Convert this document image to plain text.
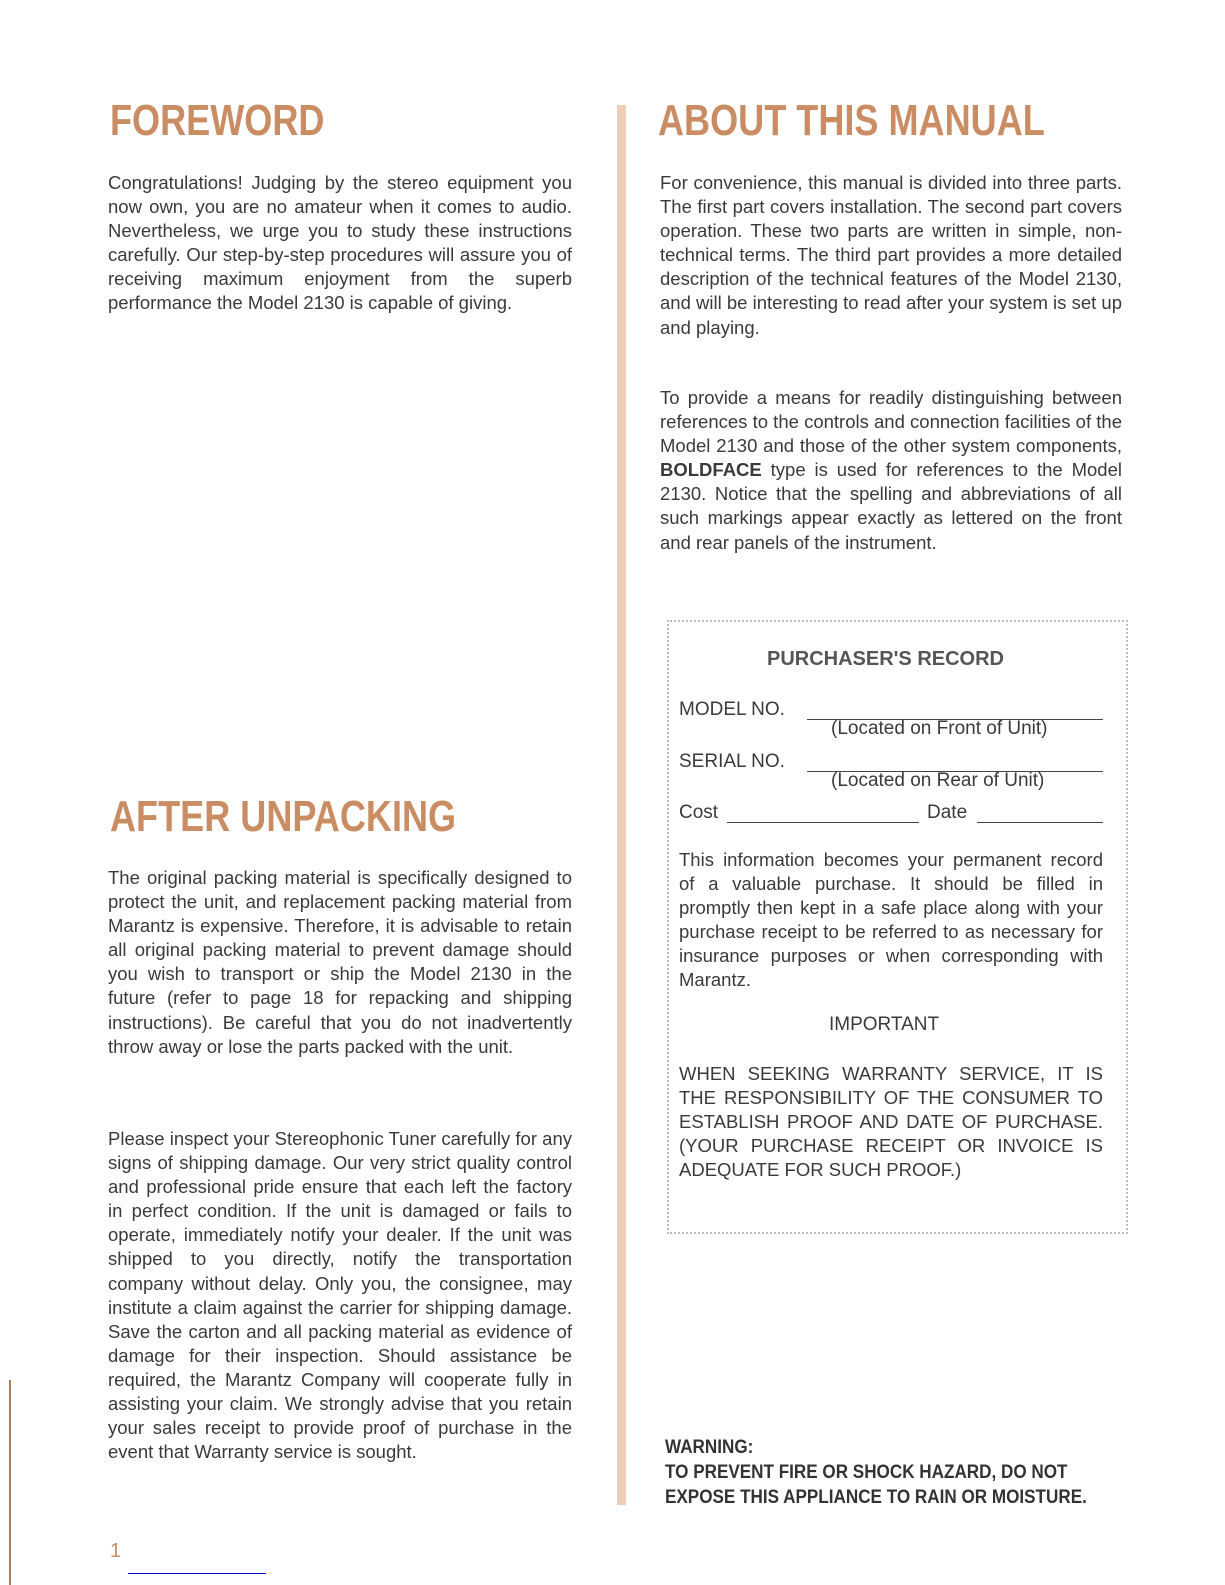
FOREWORD

Congratulations! Judging by the stereo equipment you now own, you are no amateur when it comes to audio. Nevertheless, we urge you to study these instructions carefully. Our step-by-step procedures will assure you of receiving maximum enjoyment from the superb performance the Model 2130 is capable of giving.

AFTER UNPACKING

The original packing material is specifically designed to protect the unit, and replacement packing material from Marantz is expensive. Therefore, it is advisable to retain all original packing material to prevent damage should you wish to transport or ship the Model 2130 in the future (refer to page 18 for repacking and shipping instructions). Be careful that you do not inadvertently throw away or lose the parts packed with the unit.

Please inspect your Stereophonic Tuner carefully for any signs of shipping damage. Our very strict quality control and professional pride ensure that each left the factory in perfect condition. If the unit is damaged or fails to operate, immediately notify your dealer. If the unit was shipped to you directly, notify the transportation company without delay. Only you, the consignee, may institute a claim against the carrier for shipping damage. Save the carton and all packing material as evidence of damage for their inspection. Should assistance be required, the Marantz Company will cooperate fully in assisting your claim. We strongly advise that you retain your sales receipt to provide proof of purchase in the event that Warranty service is sought.

ABOUT THIS MANUAL

For convenience, this manual is divided into three parts. The first part covers installation. The second part covers operation. These two parts are written in simple, non-technical terms. The third part provides a more detailed description of the technical features of the Model 2130, and will be interesting to read after your system is set up and playing.

To provide a means for readily distinguishing between references to the controls and connection facilities of the Model 2130 and those of the other system components, BOLDFACE type is used for references to the Model 2130. Notice that the spelling and abbreviations of all such markings appear exactly as lettered on the front and rear panels of the instrument.

PURCHASER'S RECORD
MODEL NO.
(Located on Front of Unit)
SERIAL NO.
(Located on Rear of Unit)
Cost	Date

This information becomes your permanent record of a valuable purchase. It should be filled in promptly then kept in a safe place along with your purchase receipt to be referred to as necessary for insurance purposes or when corresponding with Marantz.

IMPORTANT

WHEN SEEKING WARRANTY SERVICE, IT IS THE RESPONSIBILITY OF THE CONSUMER TO ESTABLISH PROOF AND DATE OF PURCHASE. (YOUR PURCHASE RECEIPT OR INVOICE IS ADEQUATE FOR SUCH PROOF.)

WARNING:
TO PREVENT FIRE OR SHOCK HAZARD, DO NOT
EXPOSE THIS APPLIANCE TO RAIN OR MOISTURE.
1
